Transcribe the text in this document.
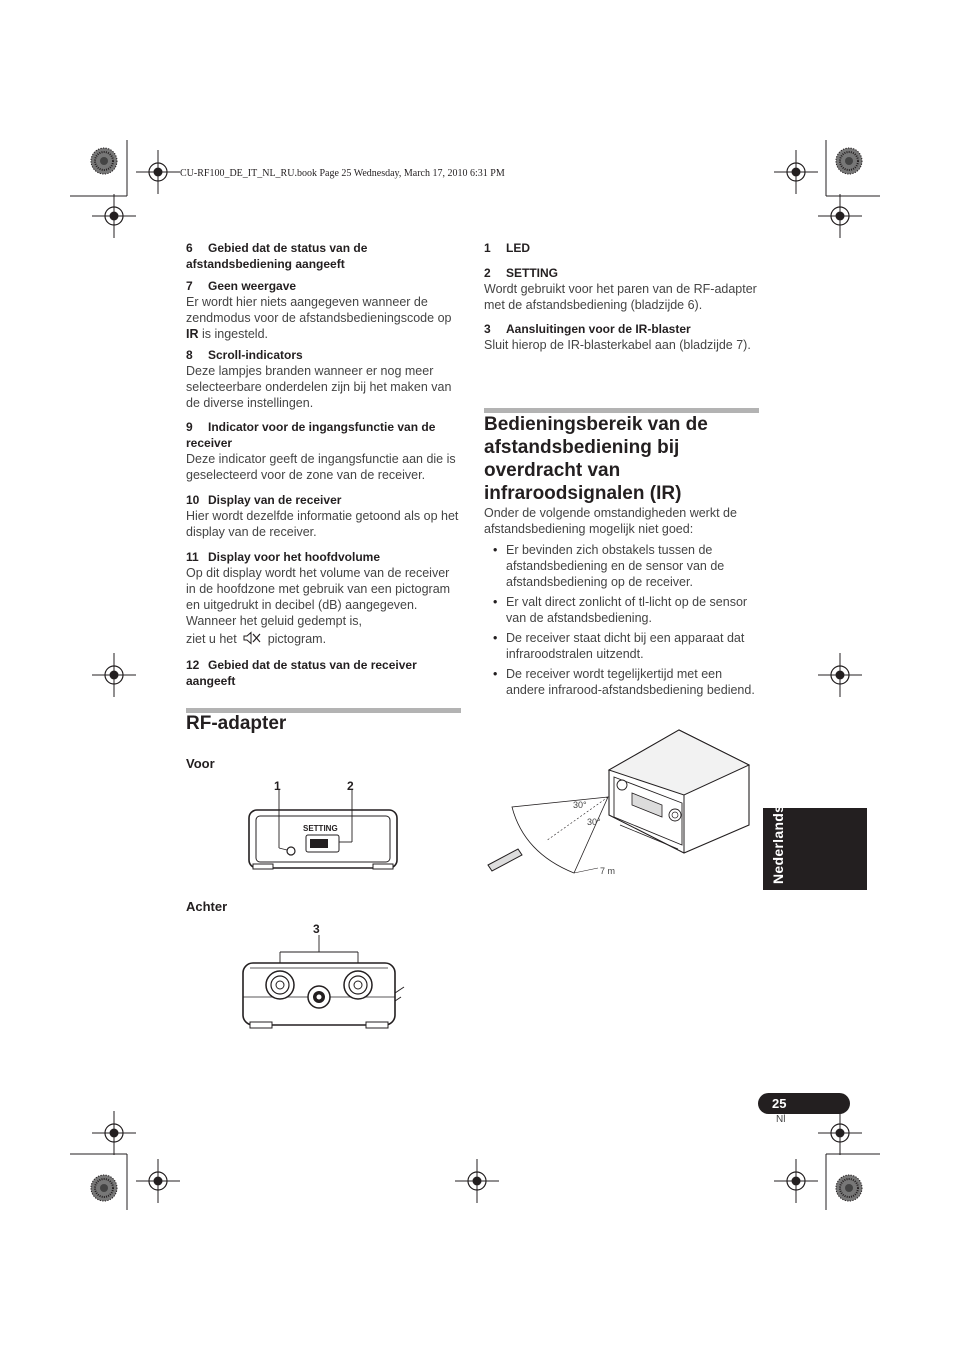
CU-RF100_DE_IT_NL_RU.book Page 25 Wednesday, March 17, 2010 6:31 PM
6 Gebied dat de status van de afstandsbediening aangeeft
7 Geen weergave
Er wordt hier niets aangegeven wanneer de zendmodus voor de afstandsbedieningscode op IR is ingesteld.
8 Scroll-indicators
Deze lampjes branden wanneer er nog meer selecteerbare onderdelen zijn bij het maken van de diverse instellingen.
9 Indicator voor de ingangsfunctie van de receiver
Deze indicator geeft de ingangsfunctie aan die is geselecteerd voor de zone van de receiver.
10 Display van de receiver
Hier wordt dezelfde informatie getoond als op het display van de receiver.
11 Display voor het hoofdvolume
Op dit display wordt het volume van de receiver in de hoofdzone met gebruik van een pictogram en uitgedrukt in decibel (dB) aangegeven. Wanneer het geluid gedempt is,
ziet u het pictogram.
12 Gebied dat de status van de receiver aangeeft
RF-adapter
Voor
1	2
SETTING
Achter
3
1 LED
2 SETTING
Wordt gebruikt voor het paren van de RF-adapter met de afstandsbediening (bladzijde 6).
3 Aansluitingen voor de IR-blaster
Sluit hierop de IR-blasterkabel aan (bladzijde 7).
Bedieningsbereik van de afstandsbediening bij overdracht van infraroodsignalen (IR)
Onder de volgende omstandigheden werkt de afstandsbediening mogelijk niet goed:
• Er bevinden zich obstakels tussen de afstandsbediening en de sensor van de afstandsbediening op de receiver.
• Er valt direct zonlicht of tl-licht op de sensor van de afstandsbediening.
• De receiver staat dicht bij een apparaat dat infraroodstralen uitzendt.
• De receiver wordt tegelijkertijd met een andere infrarood-afstandsbediening bediend.
30°
30°
7 m	Nederlands
25
Nl
